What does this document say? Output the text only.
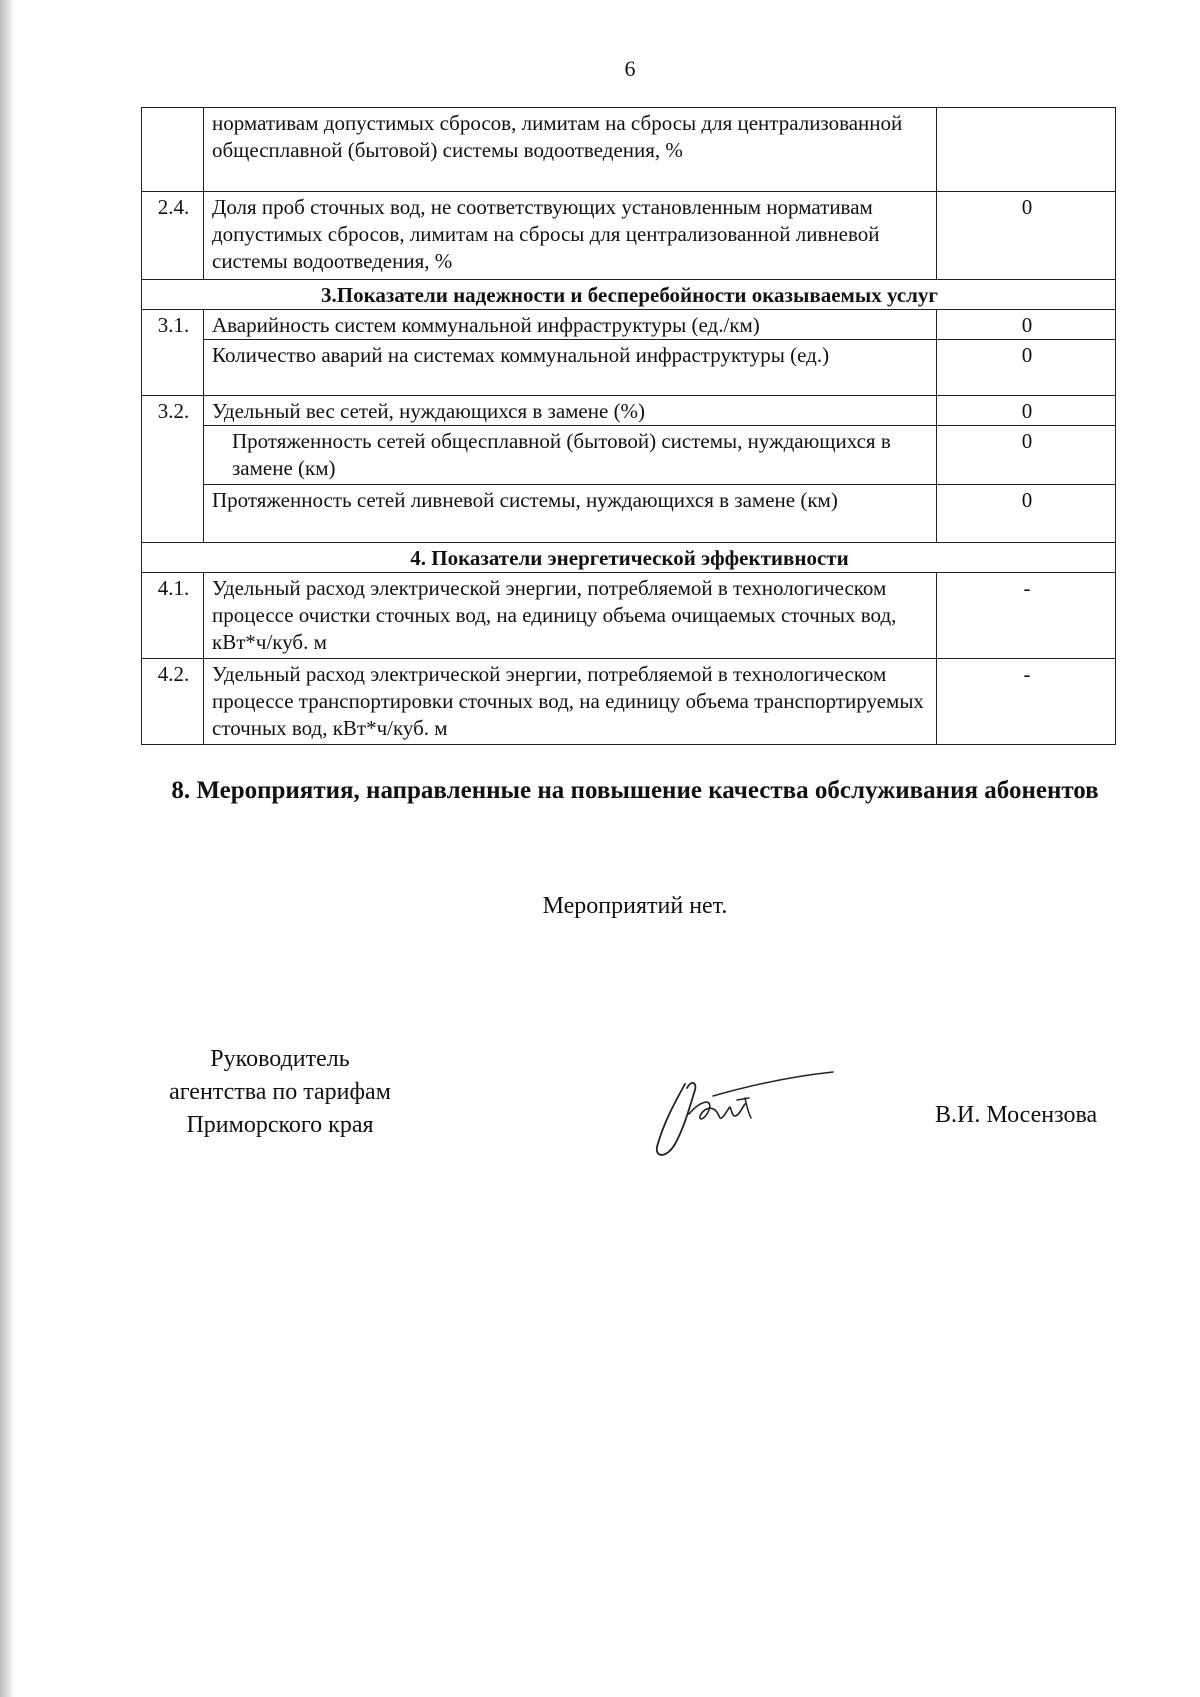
6
	нормативам допустимых сбросов, лимитам на сбросы для централизованной общесплавной (бытовой) системы водоотведения, %	
2.4.	Доля проб сточных вод, не соответствующих установленным нормативам допустимых сбросов, лимитам на сбросы для централизованной ливневой системы водоотведения, %	0
3.Показатели надежности и бесперебойности оказываемых услуг		
3.1.	Аварийность систем коммунальной инфраструктуры (ед./км)	0
	Количество аварий на системах коммунальной инфраструктуры (ед.)	0
3.2.	Удельный вес сетей, нуждающихся в замене (%)	0
	Протяженность сетей общесплавной (бытовой) системы, нуждающихся в замене (км)	0
	Протяженность сетей ливневой системы, нуждающихся в замене (км)	0
4. Показатели энергетической эффективности		
4.1.	Удельный расход электрической энергии, потребляемой в технологическом процессе очистки сточных вод, на единицу объема очищаемых сточных вод, кВт*ч/куб. м	-
4.2.	Удельный расход электрической энергии, потребляемой в технологическом процессе транспортировки сточных вод, на единицу объема транспортируемых сточных вод, кВт*ч/куб. м	-
8. Мероприятия, направленные на повышение качества обслуживания абонентов
Мероприятий нет.
Руководитель
агентства по тарифам
Приморского края	В.И. Мосензова
